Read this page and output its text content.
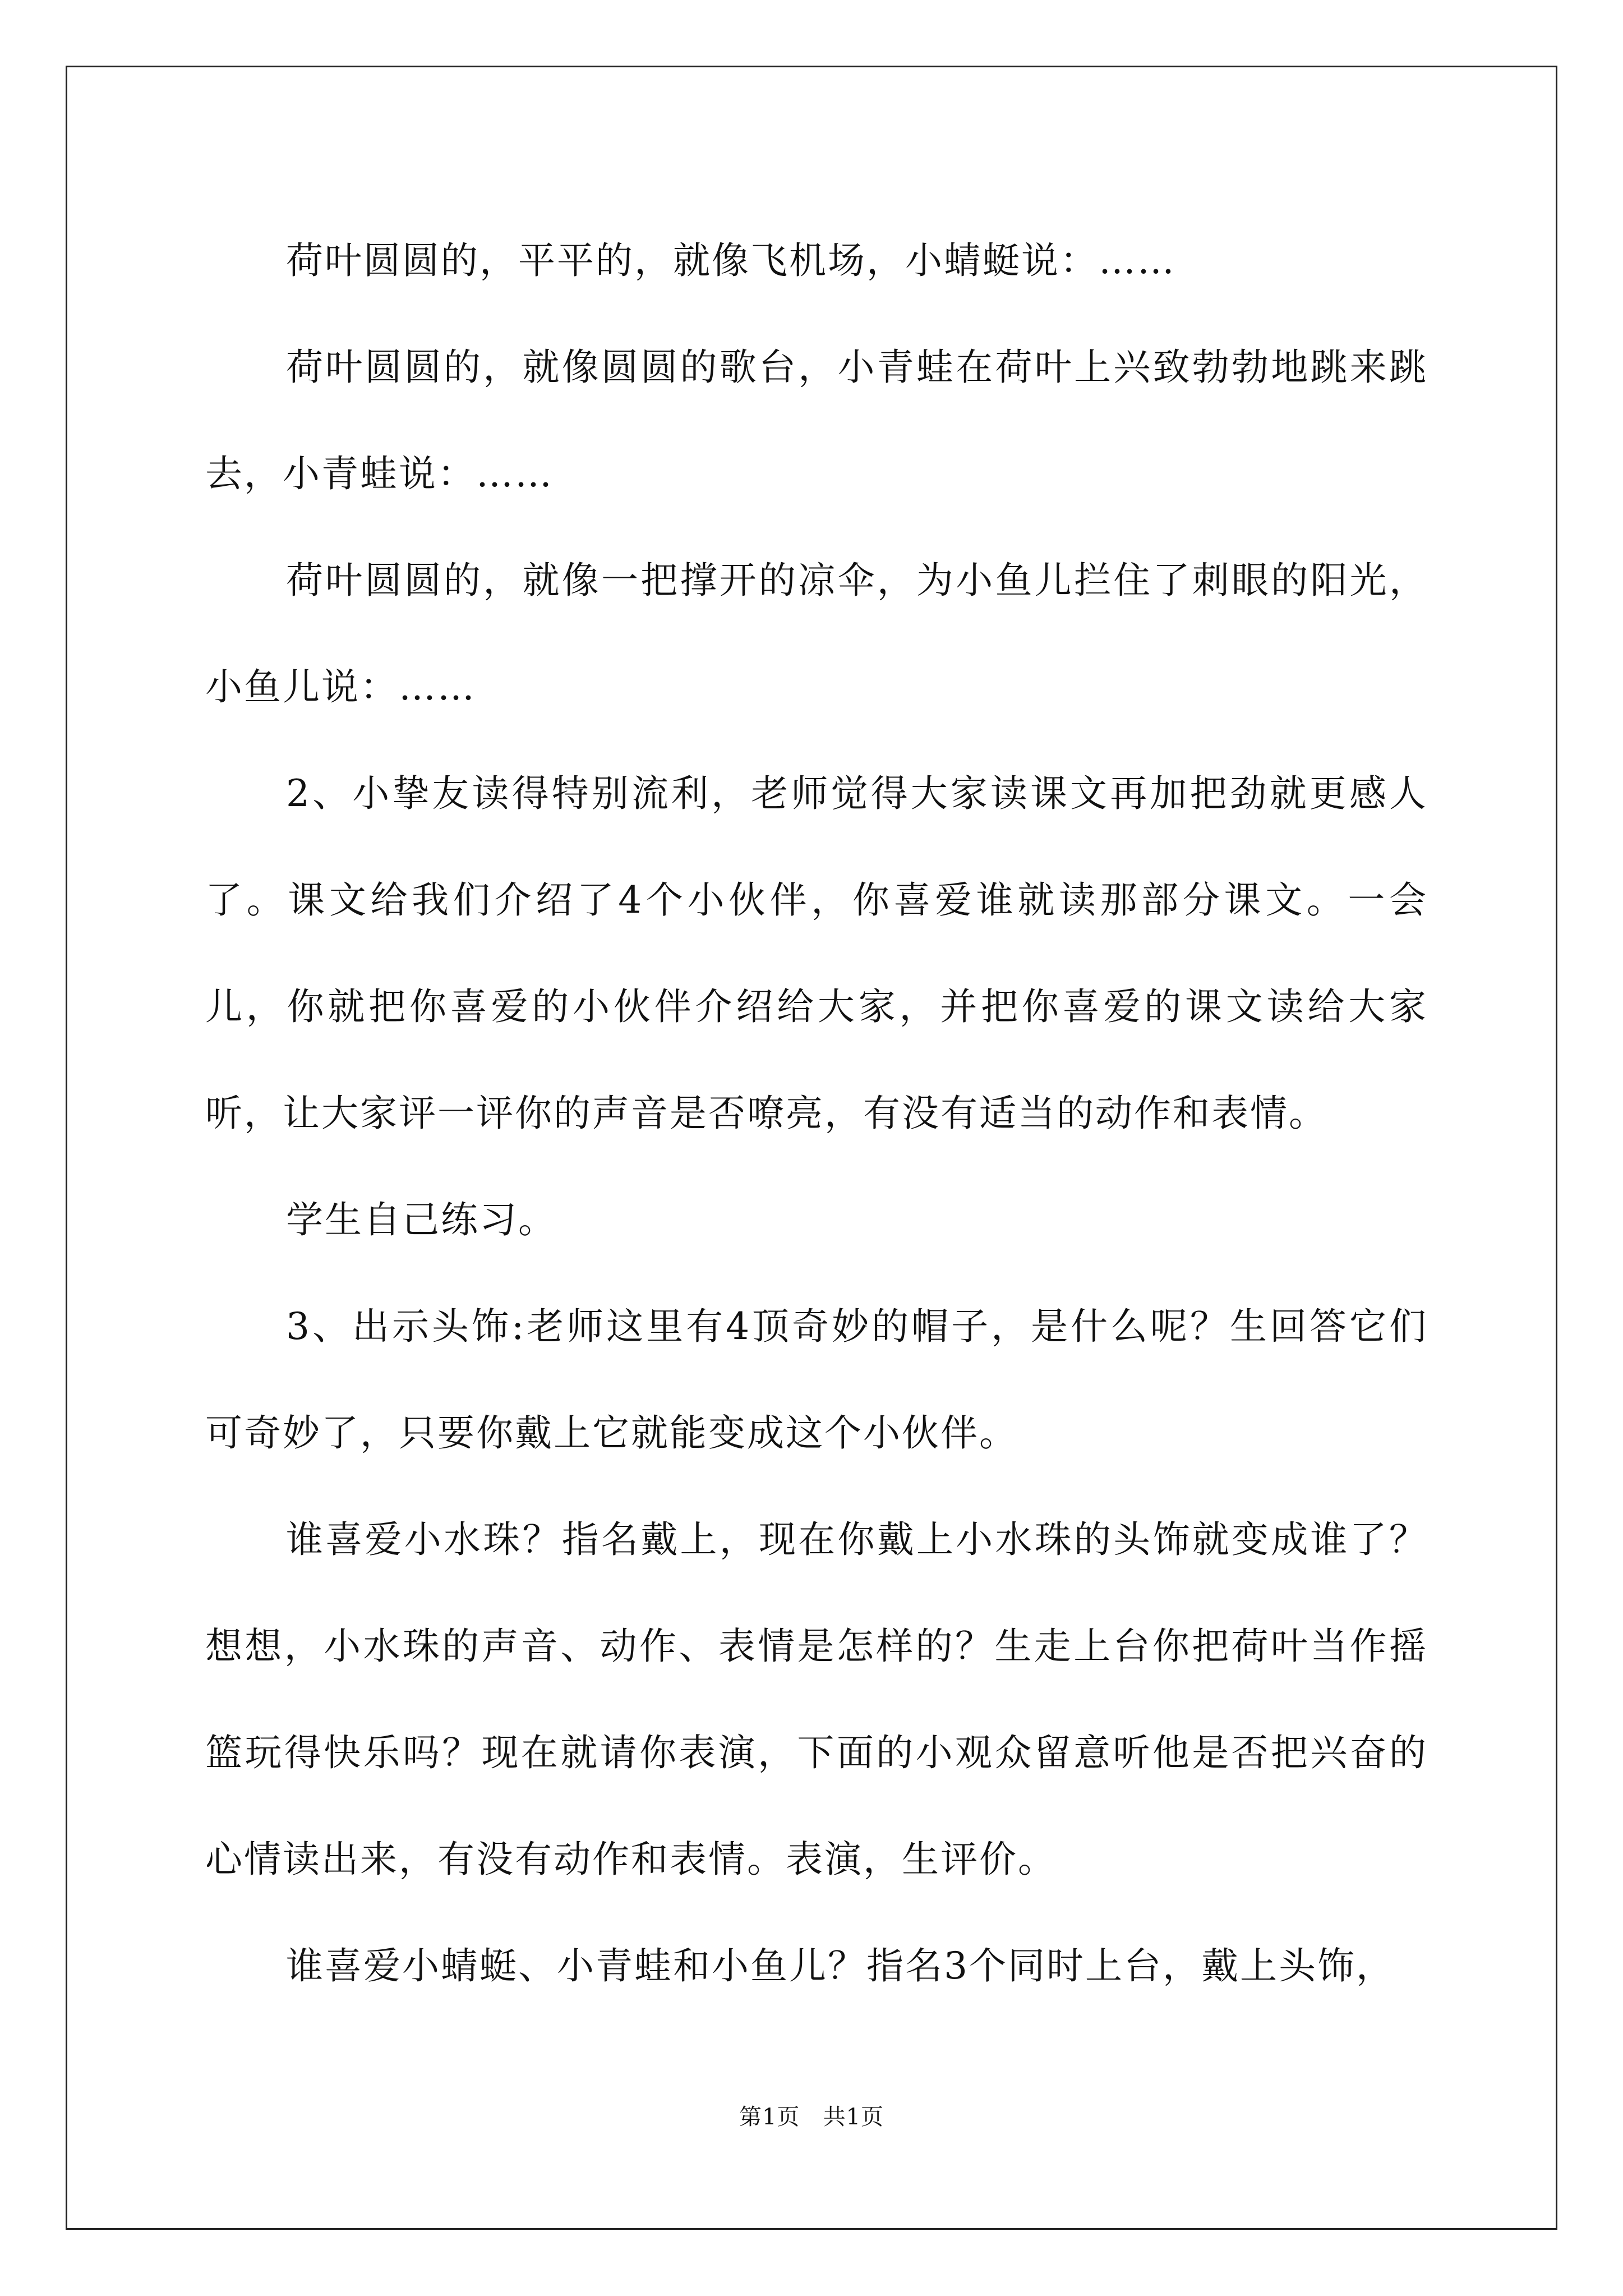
荷叶圆圆的，平平的，就像飞机场，小蜻蜓说：……

荷叶圆圆的，就像圆圆的歌台，小青蛙在荷叶上兴致勃勃地跳来跳去，小青蛙说：……

荷叶圆圆的，就像一把撑开的凉伞，为小鱼儿拦住了刺眼的阳光，小鱼儿说：……

2、小挚友读得特别流利，老师觉得大家读课文再加把劲就更感人了。课文给我们介绍了4个小伙伴，你喜爱谁就读那部分课文。一会儿，你就把你喜爱的小伙伴介绍给大家，并把你喜爱的课文读给大家听，让大家评一评你的声音是否嘹亮，有没有适当的动作和表情。

学生自己练习。

3、出示头饰:老师这里有4顶奇妙的帽子，是什么呢？生回答它们可奇妙了，只要你戴上它就能变成这个小伙伴。

谁喜爱小水珠？指名戴上，现在你戴上小水珠的头饰就变成谁了？想想，小水珠的声音、动作、表情是怎样的？生走上台你把荷叶当作摇篮玩得快乐吗？现在就请你表演，下面的小观众留意听他是否把兴奋的心情读出来，有没有动作和表情。表演，生评价。

谁喜爱小蜻蜓、小青蛙和小鱼儿？指名3个同时上台，戴上头饰，

第1页 共1页
